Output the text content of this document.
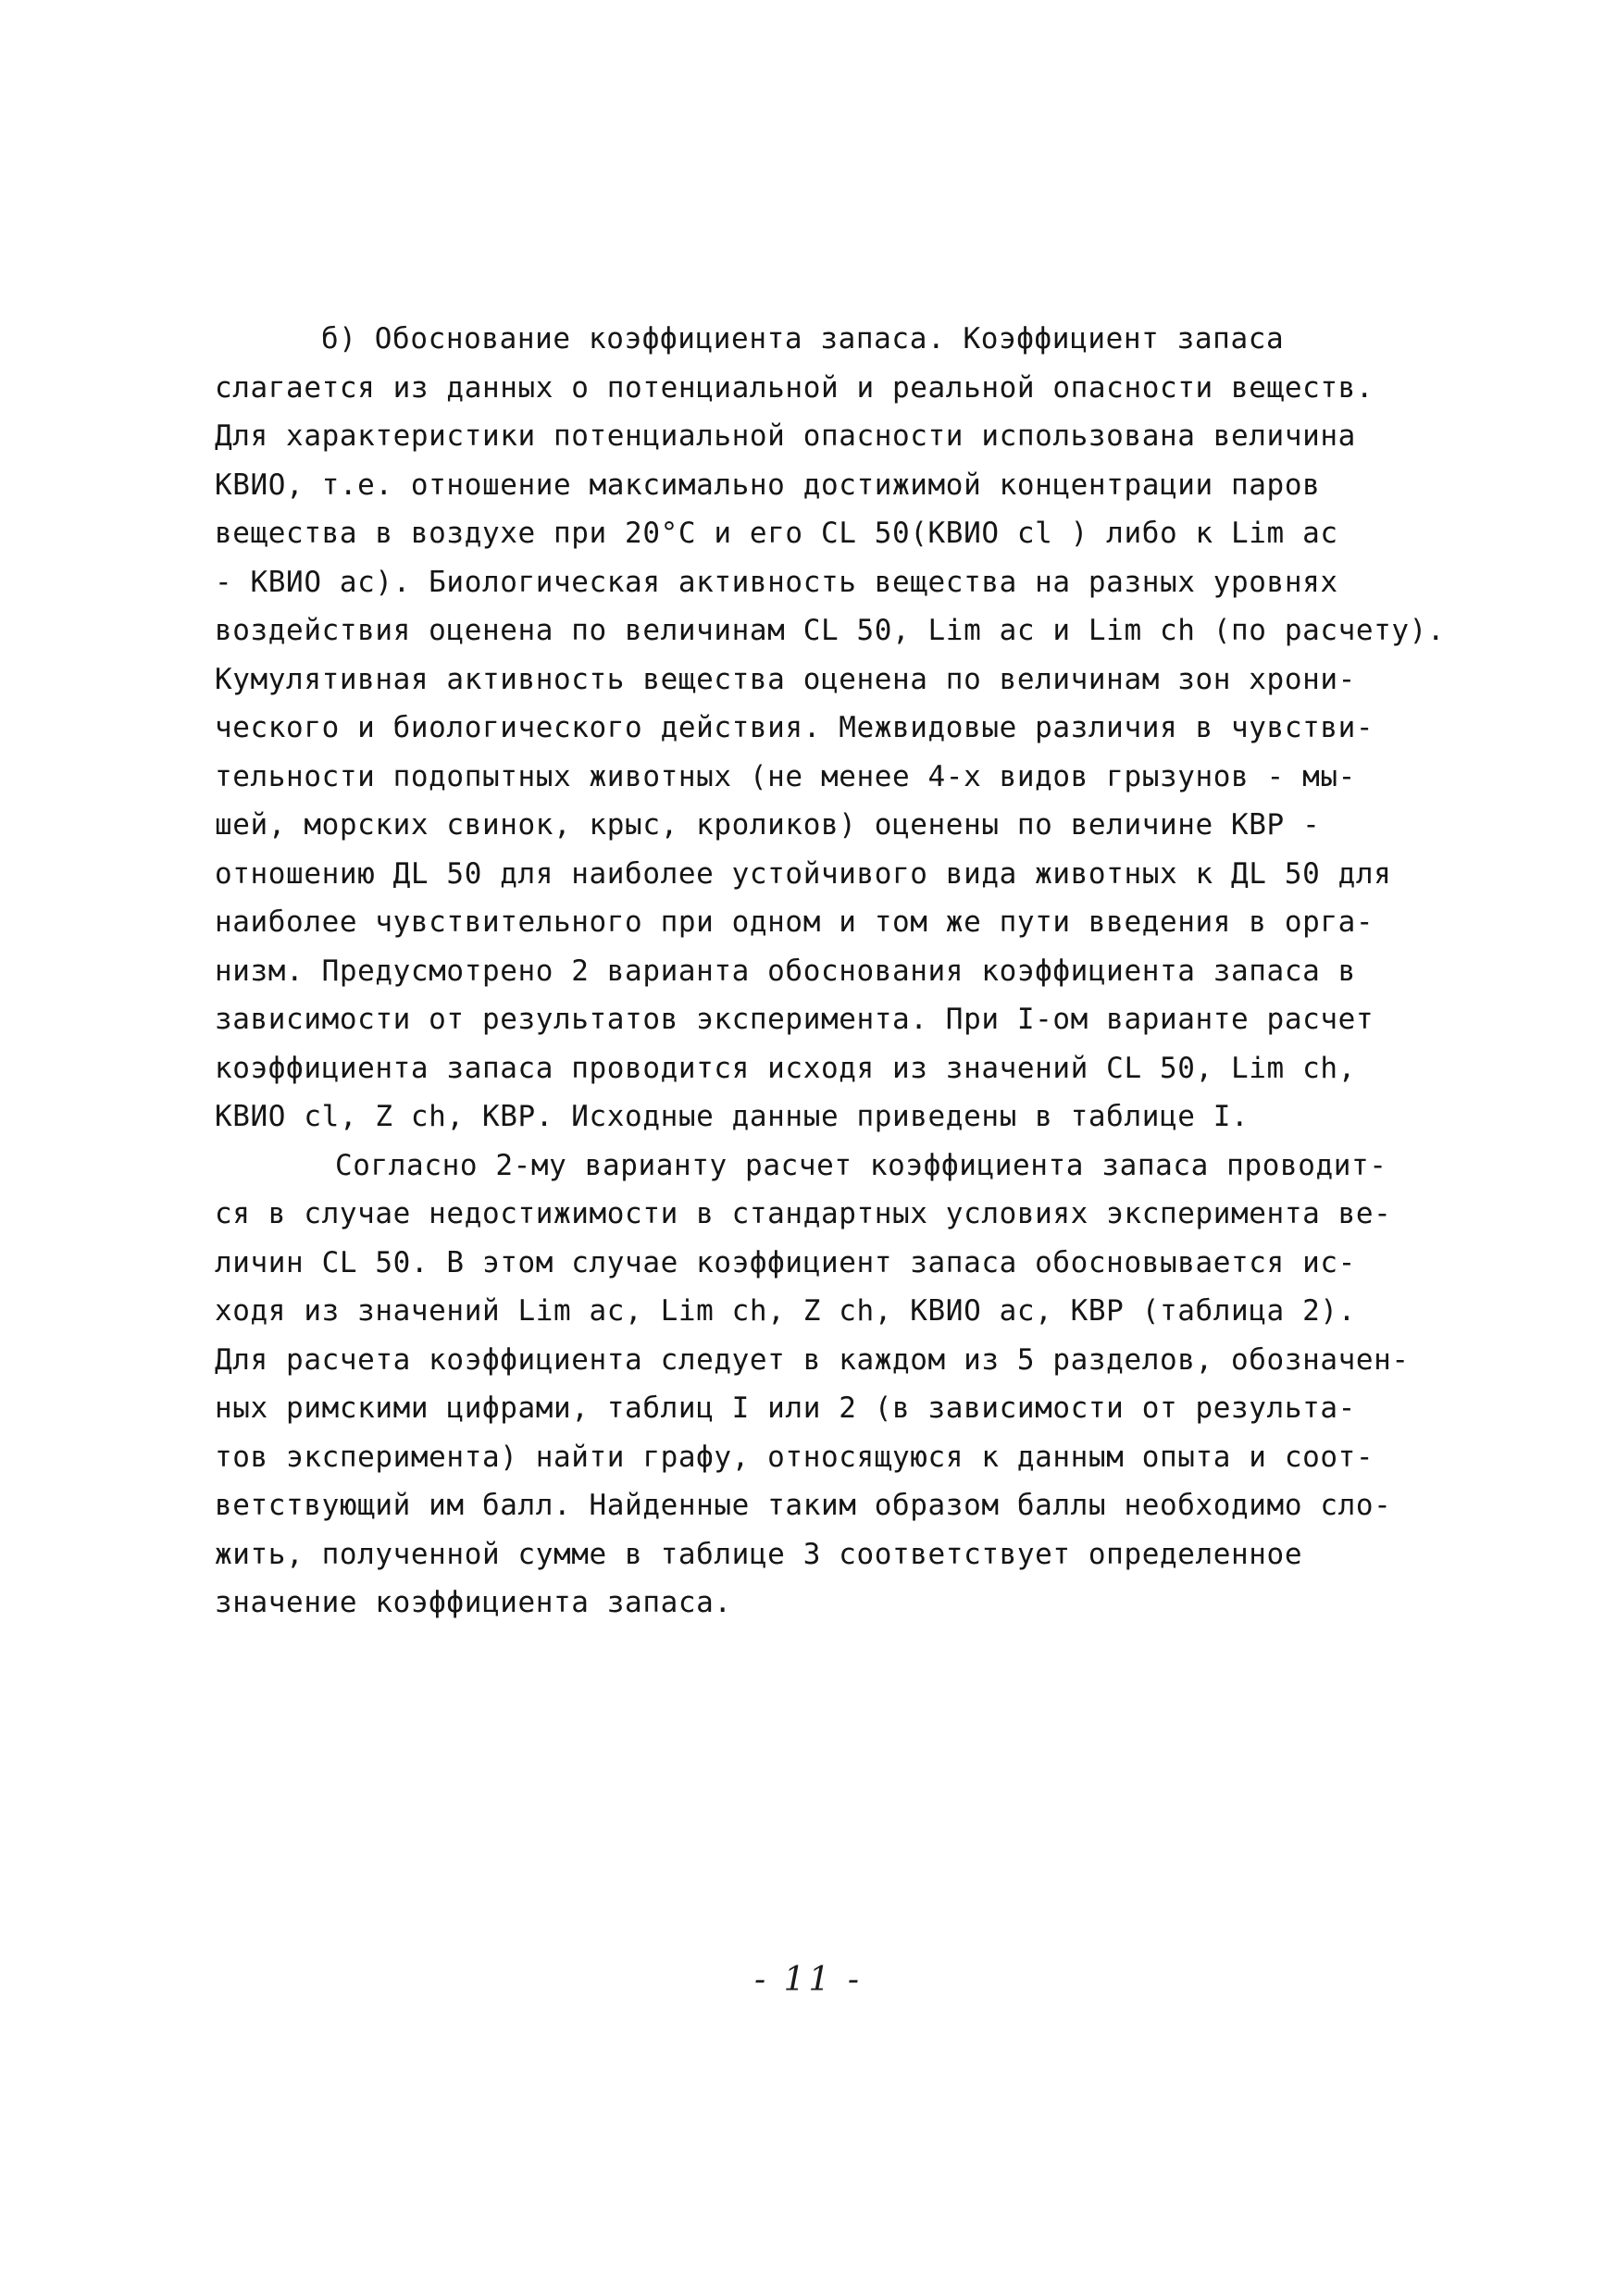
б) Обоснование коэффициента запаса. Коэффициент запаса
слагается из данных о потенциальной и реальной опасности веществ.
Для характеристики потенциальной опасности использована величина
КВИО, т.е. отношение максимально достижимой концентрации паров
вещества в воздухе при 20°С и его CL 50(КВИО cl ) либо к Lim ac
- КВИО ac). Биологическая активность вещества на разных уровнях
воздействия оценена по величинам CL 50, Lim ac и Lim ch (по расчету).
Кумулятивная активность вещества оценена по величинам зон хрони-
ческого и биологического действия. Межвидовые различия в чувстви-
тельности подопытных животных (не менее 4-х видов грызунов - мы-
шей, морских свинок, крыс, кроликов) оценены по величине КВР -
отношению ДL 50 для наиболее устойчивого вида животных к ДL 50 для
наиболее чувствительного при одном и том же пути введения в орга-
низм. Предусмотрено 2 варианта обоснования коэффициента запаса в
зависимости от результатов эксперимента. При I-ом варианте расчет
коэффициента запаса проводится исходя из значений CL 50, Lim ch,
КВИО cl, Z ch, КВР. Исходные данные приведены в таблице I.
Согласно 2-му варианту расчет коэффициента запаса проводит-
ся в случае недостижимости в стандартных условиях эксперимента ве-
личин CL 50. В этом случае коэффициент запаса обосновывается ис-
ходя из значений Lim ac, Lim ch, Z ch, КВИО ac, КВР (таблица 2).
Для расчета коэффициента следует в каждом из 5 разделов, обозначен-
ных римскими цифрами, таблиц I или 2 (в зависимости от результа-
тов эксперимента) найти графу, относящуюся к данным опыта и соот-
ветствующий им балл. Найденные таким образом баллы необходимо сло-
жить, полученной сумме в таблице 3 соответствует определенное
значение коэффициента запаса.
- 11 -
